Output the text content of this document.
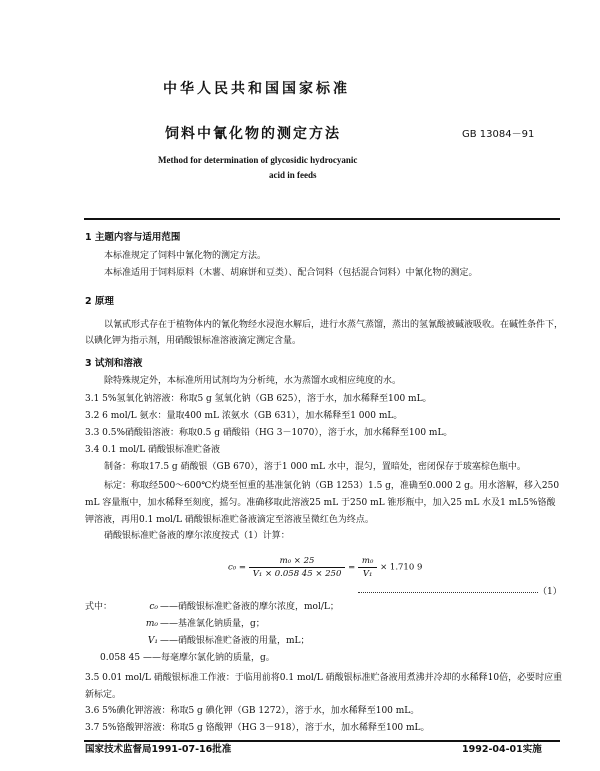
中华人民共和国国家标准
饲料中氰化物的测定方法	GB 13084－91
Method for determination of glycosidic hydrocyanic
acid in feeds
1 主题内容与适用范围
本标准规定了饲料中氰化物的测定方法。
本标准适用于饲料原料（木薯、胡麻饼和豆类）、配合饲料（包括混合饲料）中氰化物的测定。
2 原理
以氰甙形式存在于植物体内的氰化物经水浸泡水解后，进行水蒸气蒸馏，蒸出的氢氰酸被碱液吸收。在碱性条件下，以碘化钾为指示剂，用硝酸银标准溶液滴定测定含量。
3 试剂和溶液
除特殊规定外，本标准所用试剂均为分析纯，水为蒸馏水或相应纯度的水。
3.1 5%氢氧化钠溶液：称取5 g 氢氧化钠（GB 625），溶于水，加水稀释至100 mL。
3.2 6 mol/L 氨水：量取400 mL 浓氨水（GB 631），加水稀释至1 000 mL。
3.3 0.5%硝酸铅溶液：称取0.5 g 硝酸铅（HG 3－1070），溶于水，加水稀释至100 mL。
3.4 0.1 mol/L 硝酸银标准贮备液
制备：称取17.5 g 硝酸银（GB 670），溶于1 000 mL 水中，混匀，置暗处，密闭保存于玻塞棕色瓶中。
标定：称取经500～600℃灼烧至恒重的基准氯化钠（GB 1253）1.5 g，准确至0.000 2 g。用水溶解，移入250 mL 容量瓶中，加水稀释至刻度，摇匀。准确移取此溶液25 mL 于250 mL 锥形瓶中，加入25 mL 水及1 mL5%铬酸钾溶液，再用0.1 mol/L 硝酸银标准贮备液滴定至溶液呈微红色为终点。
硝酸银标准贮备液的摩尔浓度按式（1）计算：
$c_0 = \frac{\text{m₀ × 25}}{\text{V₁ × 0.058 45 × 250}} = \frac{\text{m₀}}{\text{V₁}} \times 1.710$ 9
（1）
式中：	c₀ ——硝酸银标准贮备液的摩尔浓度，mol/L；
m₀ ——基准氯化钠质量，g；
V₁ ——硝酸银标准贮备液的用量，mL；
0.058 45 ——每毫摩尔氯化钠的质量，g。
3.5 0.01 mol/L 硝酸银标准工作液：于临用前将0.1 mol/L 硝酸银标准贮备液用煮沸并冷却的水稀释10倍，必要时应重新标定。
3.6 5%碘化钾溶液：称取5 g 碘化钾（GB 1272），溶于水，加水稀释至100 mL。
3.7 5%铬酸钾溶液：称取5 g 铬酸钾（HG 3－918），溶于水，加水稀释至100 mL。
国家技术监督局1991-07-16批准	1992-04-01实施
